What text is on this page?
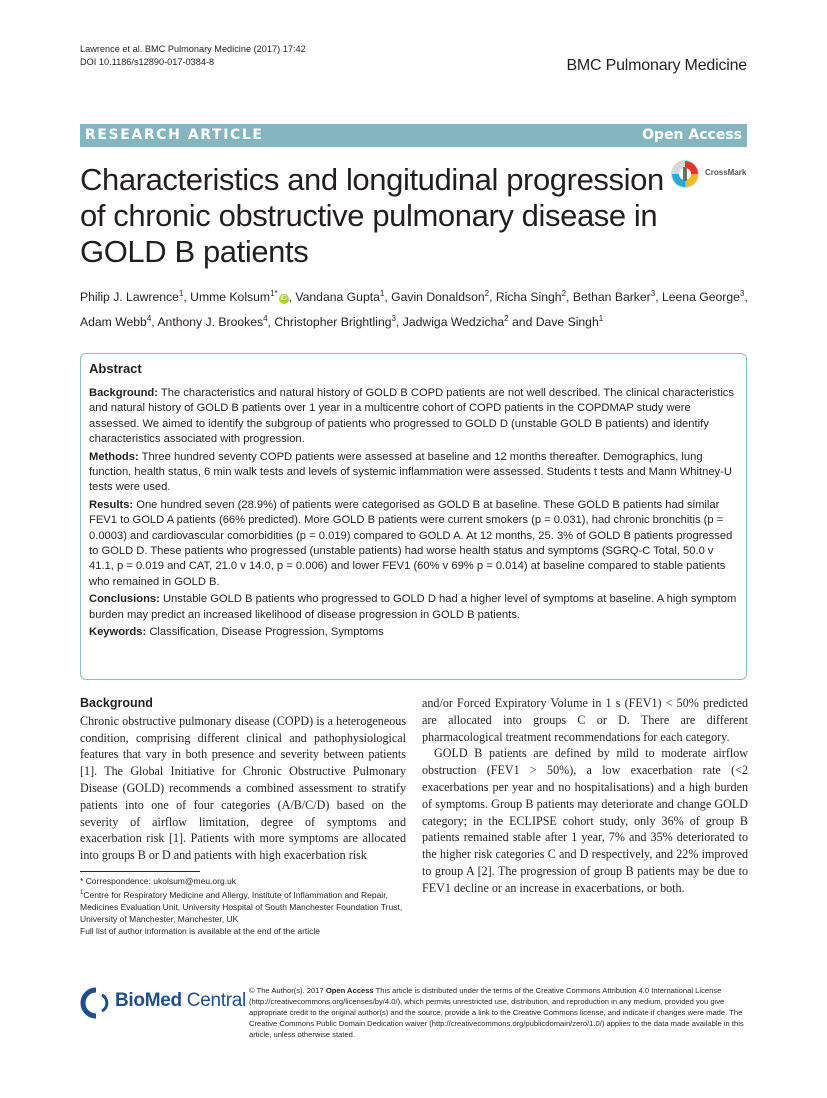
Lawrence et al. BMC Pulmonary Medicine (2017) 17:42
DOI 10.1186/s12890-017-0384-8	BMC Pulmonary Medicine
RESEARCH ARTICLE	Open Access
Characteristics and longitudinal progression of chronic obstructive pulmonary disease in GOLD B patients
CrossMark
Philip J. Lawrence$^1$, Umme Kolsum$^{1*}$iD , Vandana Gupta$^1$, Gavin Donaldson$^2$, Richa Singh$^2$, Bethan Barker$^3$, Leena George$^3$, Adam Webb$^4$, Anthony J. Brookes$^4$, Christopher Brightling$^3$, Jadwiga Wedzicha$^2$ and Dave Singh$^1$
Abstract

Background: The characteristics and natural history of GOLD B COPD patients are not well described. The clinical characteristics and natural history of GOLD B patients over 1 year in a multicentre cohort of COPD patients in the COPDMAP study were assessed. We aimed to identify the subgroup of patients who progressed to GOLD D (unstable GOLD B patients) and identify characteristics associated with progression.

Methods: Three hundred seventy COPD patients were assessed at baseline and 12 months thereafter. Demographics, lung function, health status, 6 min walk tests and levels of systemic inflammation were assessed. Students t tests and Mann Whitney-U tests were used.

Results: One hundred seven (28.9%) of patients were categorised as GOLD B at baseline. These GOLD B patients had similar FEV1 to GOLD A patients (66% predicted). More GOLD B patients were current smokers (p = 0.031), had chronic bronchitis (p = 0.0003) and cardiovascular comorbidities (p = 0.019) compared to GOLD A. At 12 months, 25. 3% of GOLD B patients progressed to GOLD D. These patients who progressed (unstable patients) had worse health status and symptoms (SGRQ-C Total, 50.0 v 41.1, p = 0.019 and CAT, 21.0 v 14.0, p = 0.006) and lower FEV1 (60% v 69% p = 0.014) at baseline compared to stable patients who remained in GOLD B.

Conclusions: Unstable GOLD B patients who progressed to GOLD D had a higher level of symptoms at baseline. A high symptom burden may predict an increased likelihood of disease progression in GOLD B patients.

Keywords: Classification, Disease Progression, Symptoms

Background

Chronic obstructive pulmonary disease (COPD) is a heterogeneous condition, comprising different clinical and pathophysiological features that vary in both presence and severity between patients [1]. The Global Initiative for Chronic Obstructive Pulmonary Disease (GOLD) recommends a combined assessment to stratify patients into one of four categories (A/B/C/D) based on the severity of airflow limitation, degree of symptoms and exacerbation risk [1]. Patients with more symptoms are allocated into groups B or D and patients with high exacerbation risk

and/or Forced Expiratory Volume in 1 s (FEV1) < 50% predicted are allocated into groups C or D. There are different pharmacological treatment recommendations for each category.

GOLD B patients are defined by mild to moderate airflow obstruction (FEV1 > 50%), a low exacerbation rate (<2 exacerbations per year and no hospitalisations) and a high burden of symptoms. Group B patients may deteriorate and change GOLD category; in the ECLIPSE cohort study, only 36% of group B patients remained stable after 1 year, 7% and 35% deteriorated to the higher risk categories C and D respectively, and 22% improved to group A [2]. The progression of group B patients may be due to FEV1 decline or an increase in exacerbations, or both.

* Correspondence: ukolsum@meu.org.uk
$^1$Centre for Respiratory Medicine and Allergy, Institute of Inflammation and Repair, Medicines Evaluation Unit, University Hospital of South Manchester Foundation Trust, University of Manchester, Manchester, UK
Full list of author information is available at the end of the article
BioMed Central © The Author(s). 2017 Open Access This article is distributed under the terms of the Creative Commons Attribution 4.0 International License (http://creativecommons.org/licenses/by/4.0/), which permits unrestricted use, distribution, and reproduction in any medium, provided you give appropriate credit to the original author(s) and the source, provide a link to the Creative Commons license, and indicate if changes were made. The Creative Commons Public Domain Dedication waiver (http://creativecommons.org/publicdomain/zero/1.0/) applies to the data made available in this article, unless otherwise stated.
